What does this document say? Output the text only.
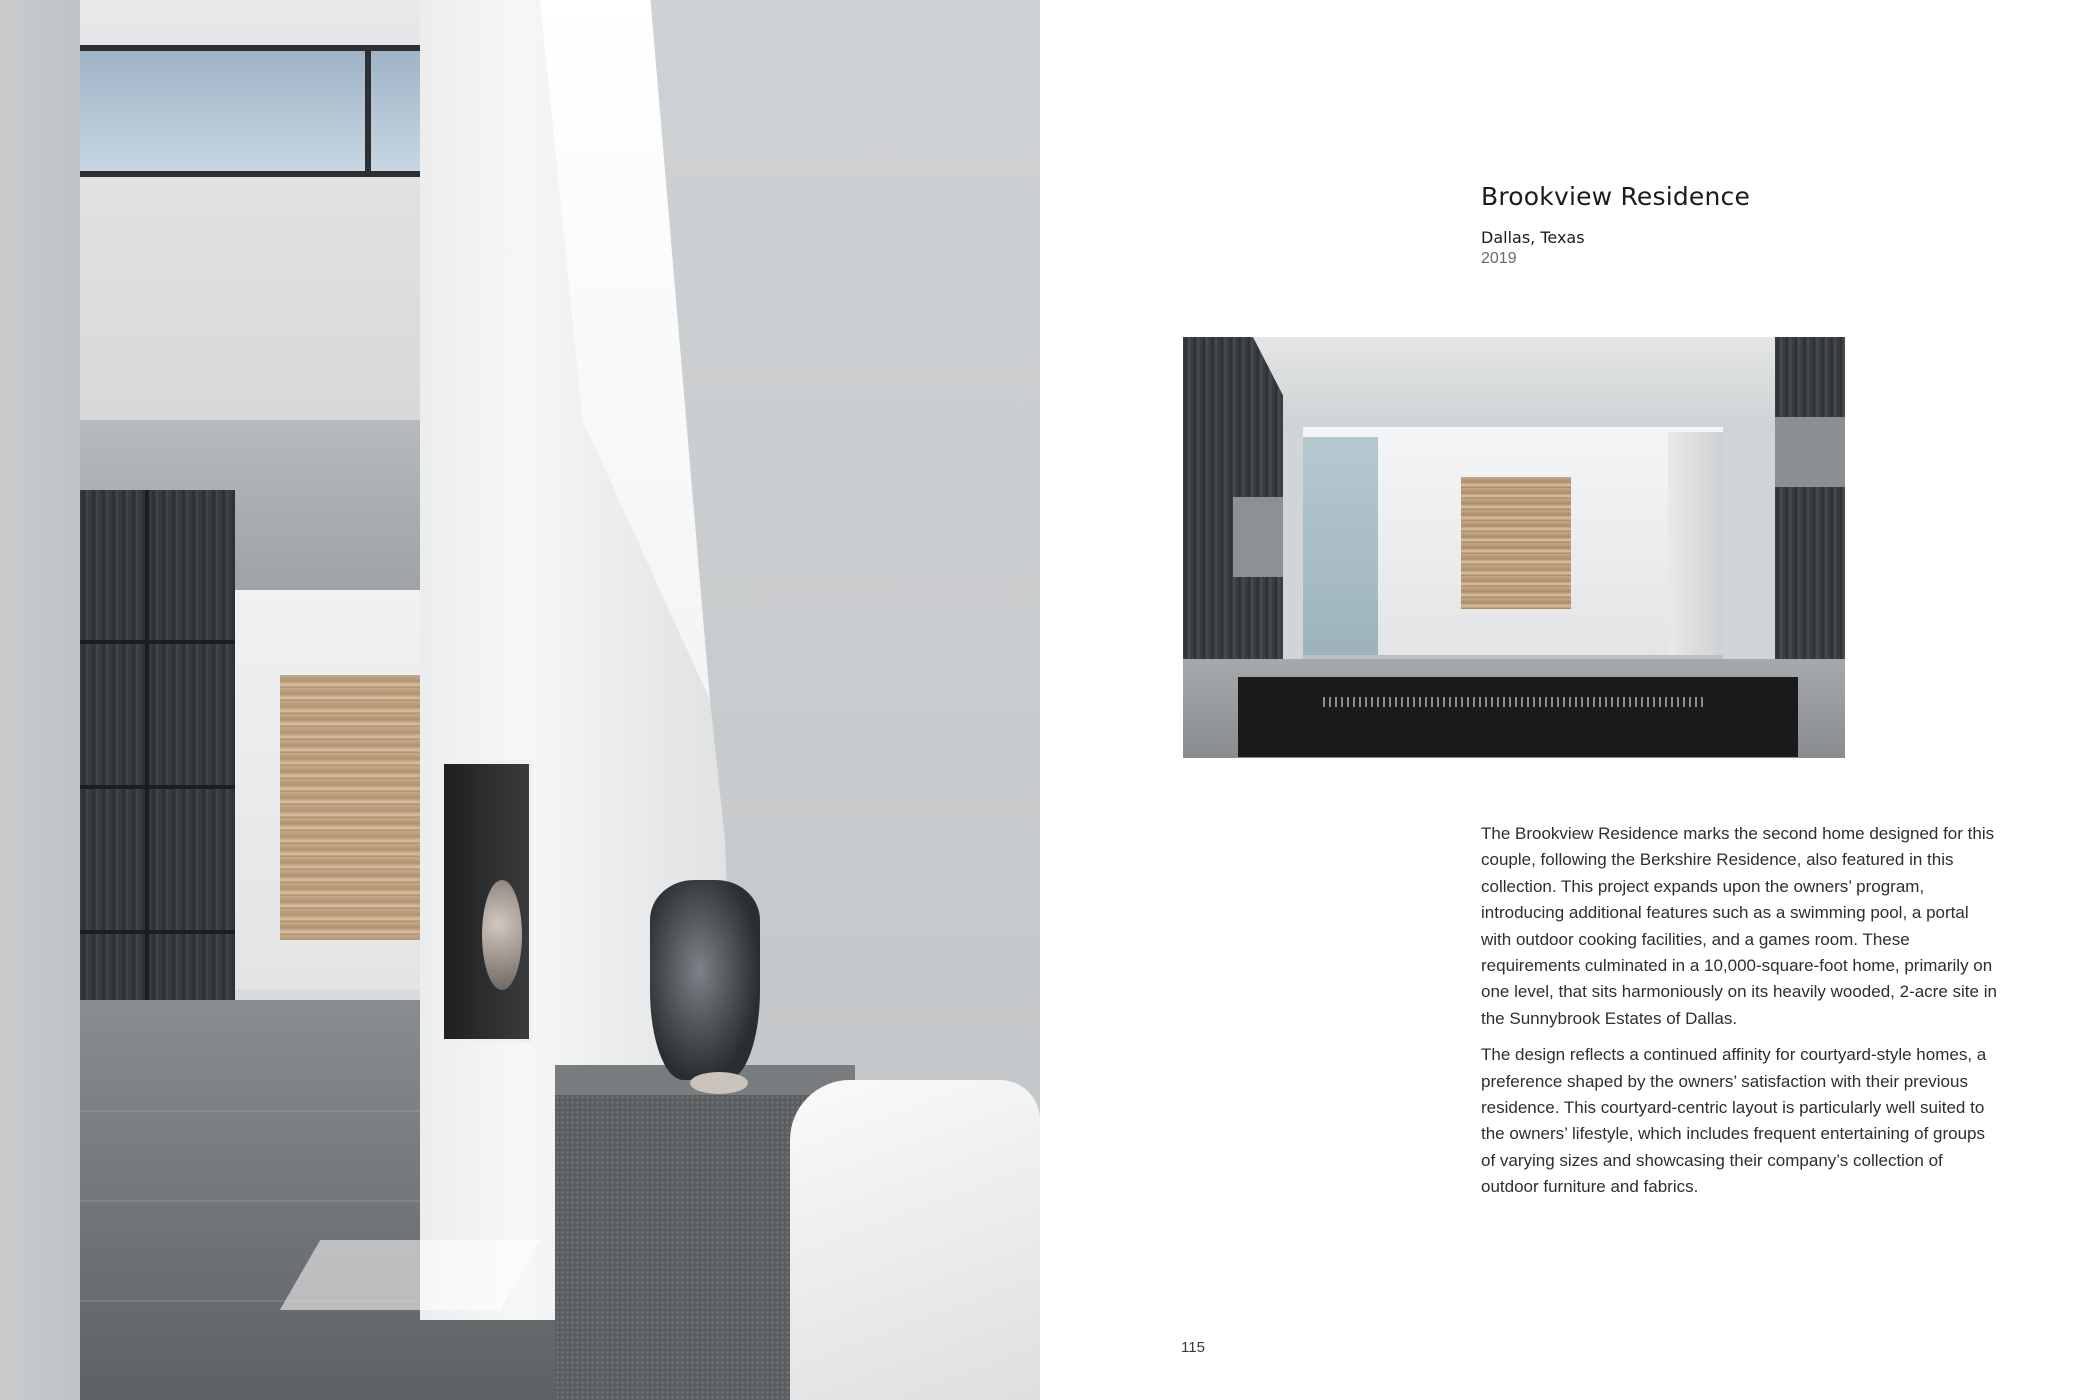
Brookview Residence

Dallas, Texas

2019

The Brookview Residence marks the second home designed for this couple, following the Berkshire Residence, also featured in this collection. This project expands upon the owners’ program, introducing additional features such as a swimming pool, a portal with outdoor cooking facilities, and a games room. These requirements culminated in a 10,000-square-foot home, primarily on one level, that sits harmoniously on its heavily wooded, 2-acre site in the Sunnybrook Estates of Dallas.

The design reflects a continued affinity for courtyard-style homes, a preference shaped by the owners’ satisfaction with their previous residence. This courtyard-centric layout is particularly well suited to the owners’ lifestyle, which includes frequent entertaining of groups of varying sizes and showcasing their company’s collection of outdoor furniture and fabrics.

115
